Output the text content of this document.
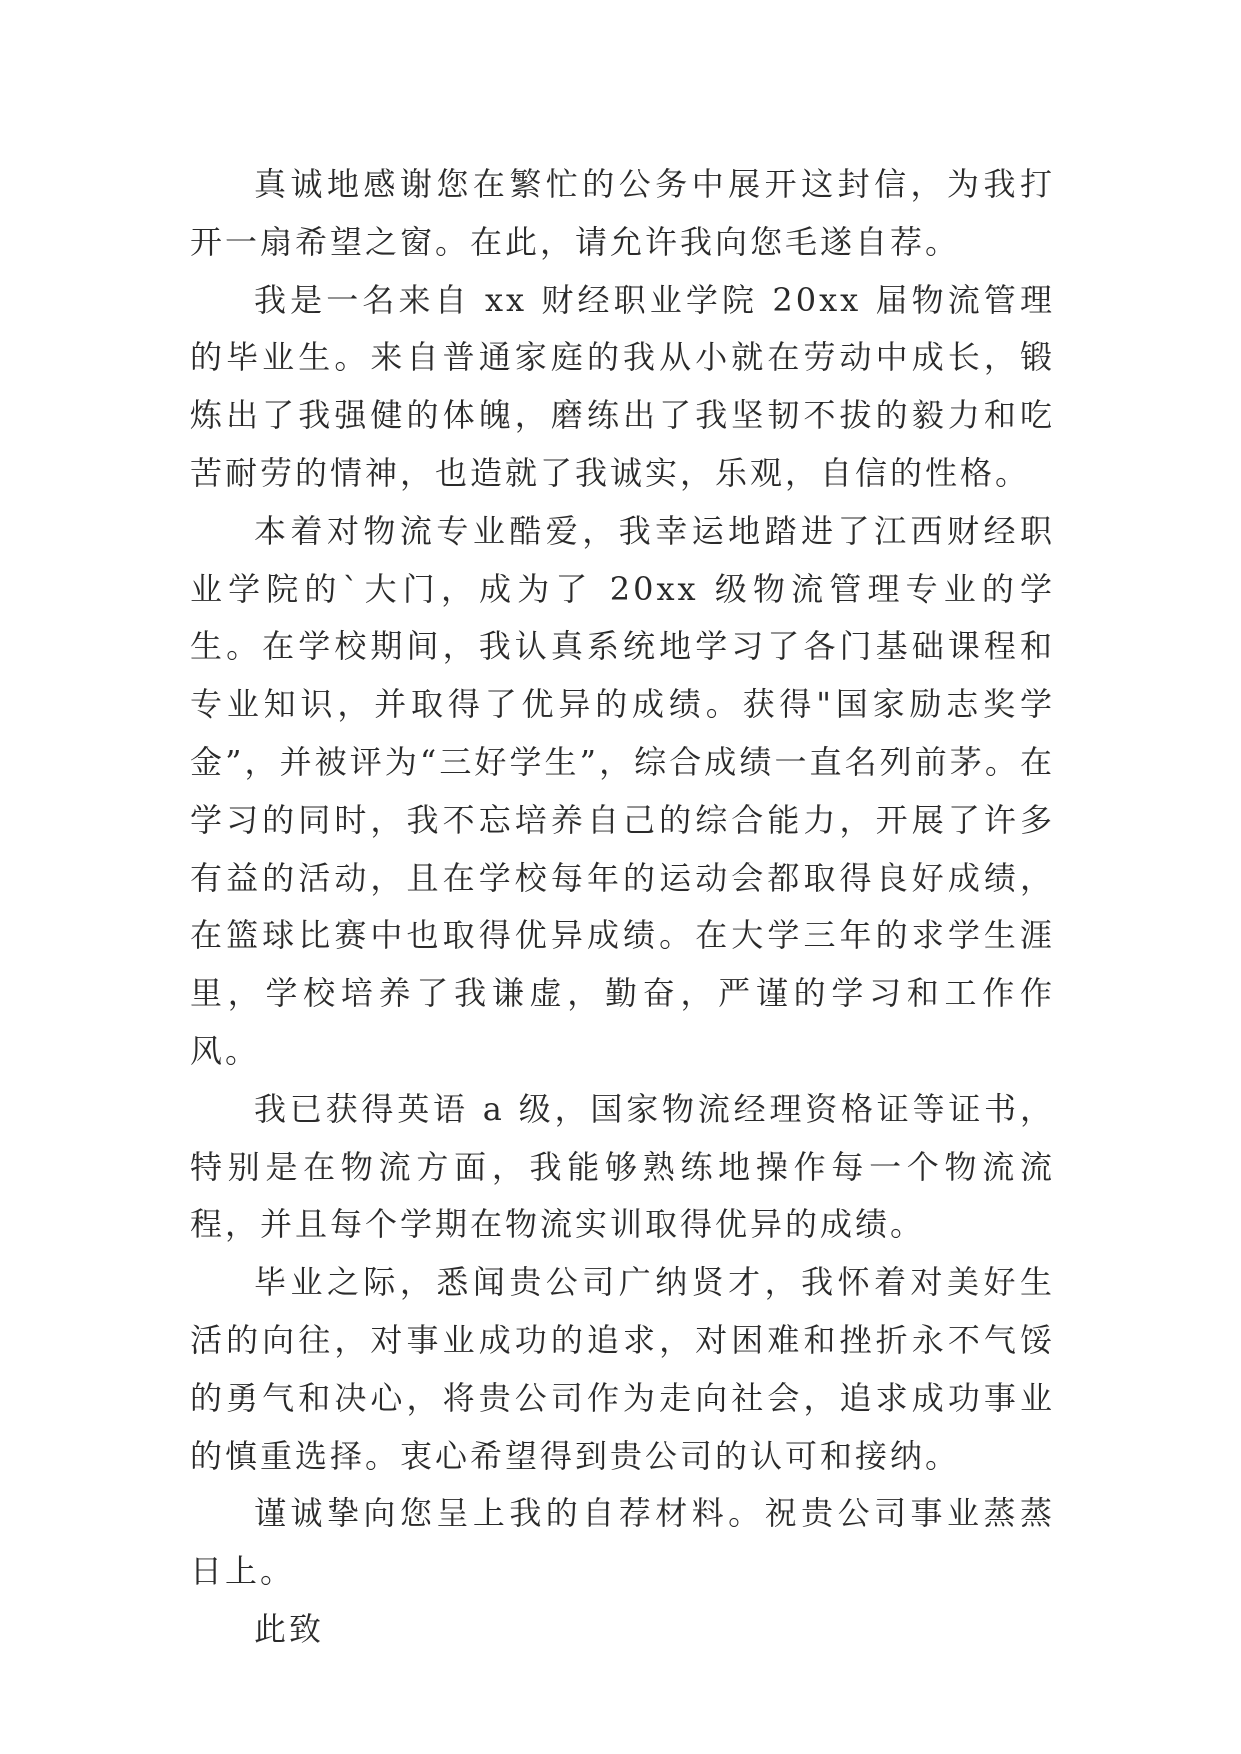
真诚地感谢您在繁忙的公务中展开这封信，为我打开一扇希望之窗。在此，请允许我向您毛遂自荐。

我是一名来自 xx 财经职业学院 20xx 届物流管理的毕业生。来自普通家庭的我从小就在劳动中成长，锻炼出了我强健的体魄，磨练出了我坚韧不拔的毅力和吃苦耐劳的情神，也造就了我诚实，乐观，自信的性格。

本着对物流专业酷爱，我幸运地踏进了江西财经职业学院的`大门，成为了 20xx 级物流管理专业的学生。在学校期间，我认真系统地学习了各门基础课程和专业知识，并取得了优异的成绩。获得"国家励志奖学金”，并被评为“三好学生”，综合成绩一直名列前茅。在学习的同时，我不忘培养自己的综合能力，开展了许多有益的活动，且在学校每年的运动会都取得良好成绩，在篮球比赛中也取得优异成绩。在大学三年的求学生涯里，学校培养了我谦虚，勤奋，严谨的学习和工作作风。

我已获得英语 a 级，国家物流经理资格证等证书，特别是在物流方面，我能够熟练地操作每一个物流流程，并且每个学期在物流实训取得优异的成绩。

毕业之际，悉闻贵公司广纳贤才，我怀着对美好生活的向往，对事业成功的追求，对困难和挫折永不气馁的勇气和决心，将贵公司作为走向社会，追求成功事业的慎重选择。衷心希望得到贵公司的认可和接纳。

谨诚挚向您呈上我的自荐材料。祝贵公司事业蒸蒸日上。

此致
